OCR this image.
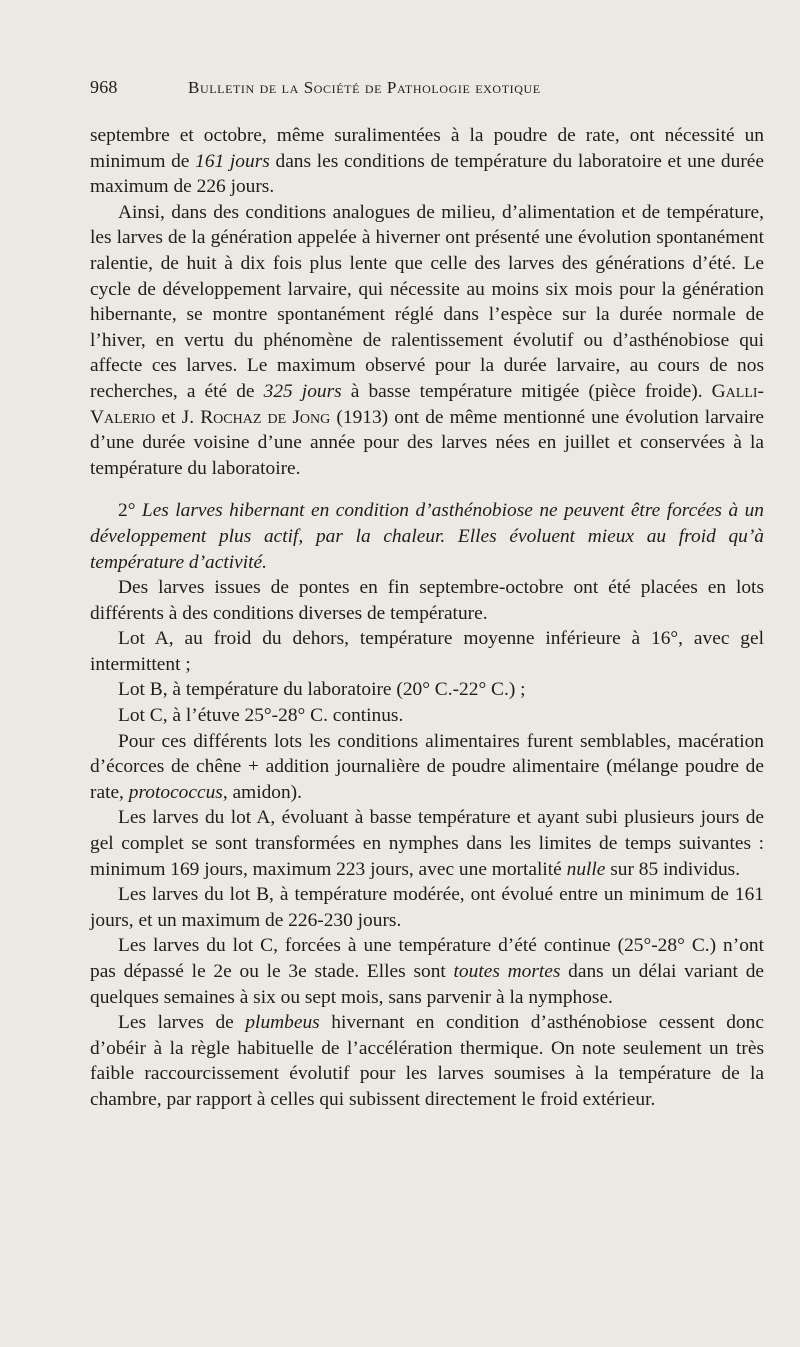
968	Bulletin de la Société de Pathologie exotique

septembre et octobre, même suralimentées à la poudre de rate, ont nécessité un minimum de 161 jours dans les conditions de température du laboratoire et une durée maximum de 226 jours.

Ainsi, dans des conditions analogues de milieu, d’alimentation et de température, les larves de la génération appelée à hiverner ont présenté une évolution spontanément ralentie, de huit à dix fois plus lente que celle des larves des générations d’été. Le cycle de développement larvaire, qui nécessite au moins six mois pour la génération hibernante, se montre spontanément réglé dans l’espèce sur la durée normale de l’hiver, en vertu du phénomène de ralentissement évolutif ou d’asthénobiose qui affecte ces larves. Le maximum observé pour la durée larvaire, au cours de nos recherches, a été de 325 jours à basse température mitigée (pièce froide). Galli-Valerio et J. Rochaz de Jong (1913) ont de même mentionné une évolution larvaire d’une durée voisine d’une année pour des larves nées en juillet et conservées à la température du laboratoire.

2° Les larves hibernant en condition d’asthénobiose ne peuvent être forcées à un développement plus actif, par la chaleur. Elles évoluent mieux au froid qu’à température d’activité.

Des larves issues de pontes en fin septembre-octobre ont été placées en lots différents à des conditions diverses de température.

Lot A, au froid du dehors, température moyenne inférieure à 16°, avec gel intermittent ;

Lot B, à température du laboratoire (20° C.-22° C.) ;

Lot C, à l’étuve 25°-28° C. continus.

Pour ces différents lots les conditions alimentaires furent semblables, macération d’écorces de chêne + addition journalière de poudre alimentaire (mélange poudre de rate, protococcus, amidon).

Les larves du lot A, évoluant à basse température et ayant subi plusieurs jours de gel complet se sont transformées en nymphes dans les limites de temps suivantes : minimum 169 jours, maximum 223 jours, avec une mortalité nulle sur 85 individus.

Les larves du lot B, à température modérée, ont évolué entre un minimum de 161 jours, et un maximum de 226-230 jours.

Les larves du lot C, forcées à une température d’été continue (25°-28° C.) n’ont pas dépassé le 2e ou le 3e stade. Elles sont toutes mortes dans un délai variant de quelques semaines à six ou sept mois, sans parvenir à la nymphose.

Les larves de plumbeus hivernant en condition d’asthénobiose cessent donc d’obéir à la règle habituelle de l’accélération thermique. On note seulement un très faible raccourcissement évolutif pour les larves soumises à la température de la chambre, par rapport à celles qui subissent directement le froid extérieur.
